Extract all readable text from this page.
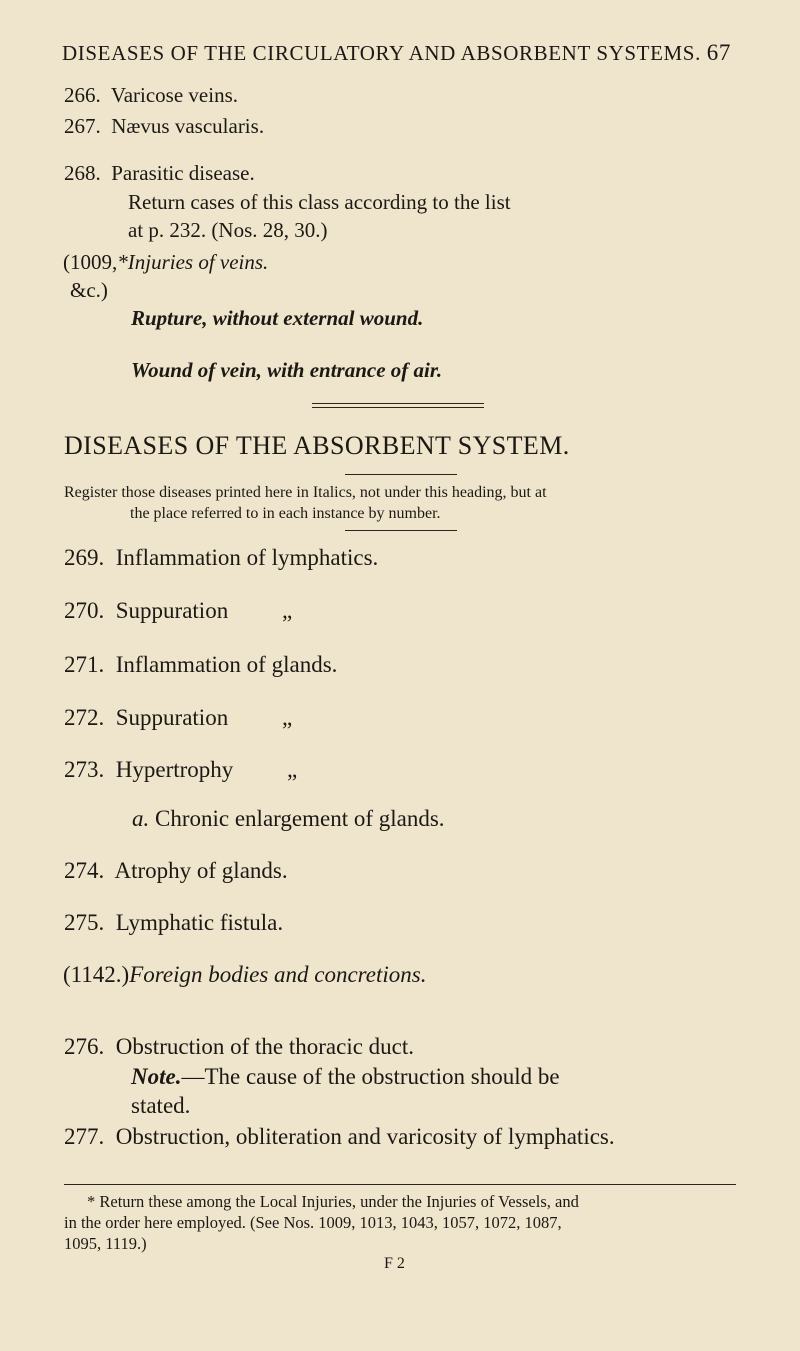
DISEASES OF THE CIRCULATORY AND ABSORBENT SYSTEMS. 67
266. Varicose veins.
267. Nævus vascularis.
268. Parasitic disease.
Return cases of this class according to the list
at p. 232. (Nos. 28, 30.)
(1009,*Injuries of veins.
&c.)
Rupture, without external wound.
Wound of vein, with entrance of air.
DISEASES OF THE ABSORBENT SYSTEM.
Register those diseases printed here in Italics, not under this heading, but at
the place referred to in each instance by number.
269. Inflammation of lymphatics.
270. Suppuration „
271. Inflammation of glands.
272. Suppuration „
273. Hypertrophy „
a. Chronic enlargement of glands.
274. Atrophy of glands.
275. Lymphatic fistula.
(1142.)Foreign bodies and concretions.
276. Obstruction of the thoracic duct.
Note.—The cause of the obstruction should be
stated.
277. Obstruction, obliteration and varicosity of lymphatics.
* Return these among the Local Injuries, under the Injuries of Vessels, and
in the order here employed. (See Nos. 1009, 1013, 1043, 1057, 1072, 1087,
1095, 1119.)
F 2
